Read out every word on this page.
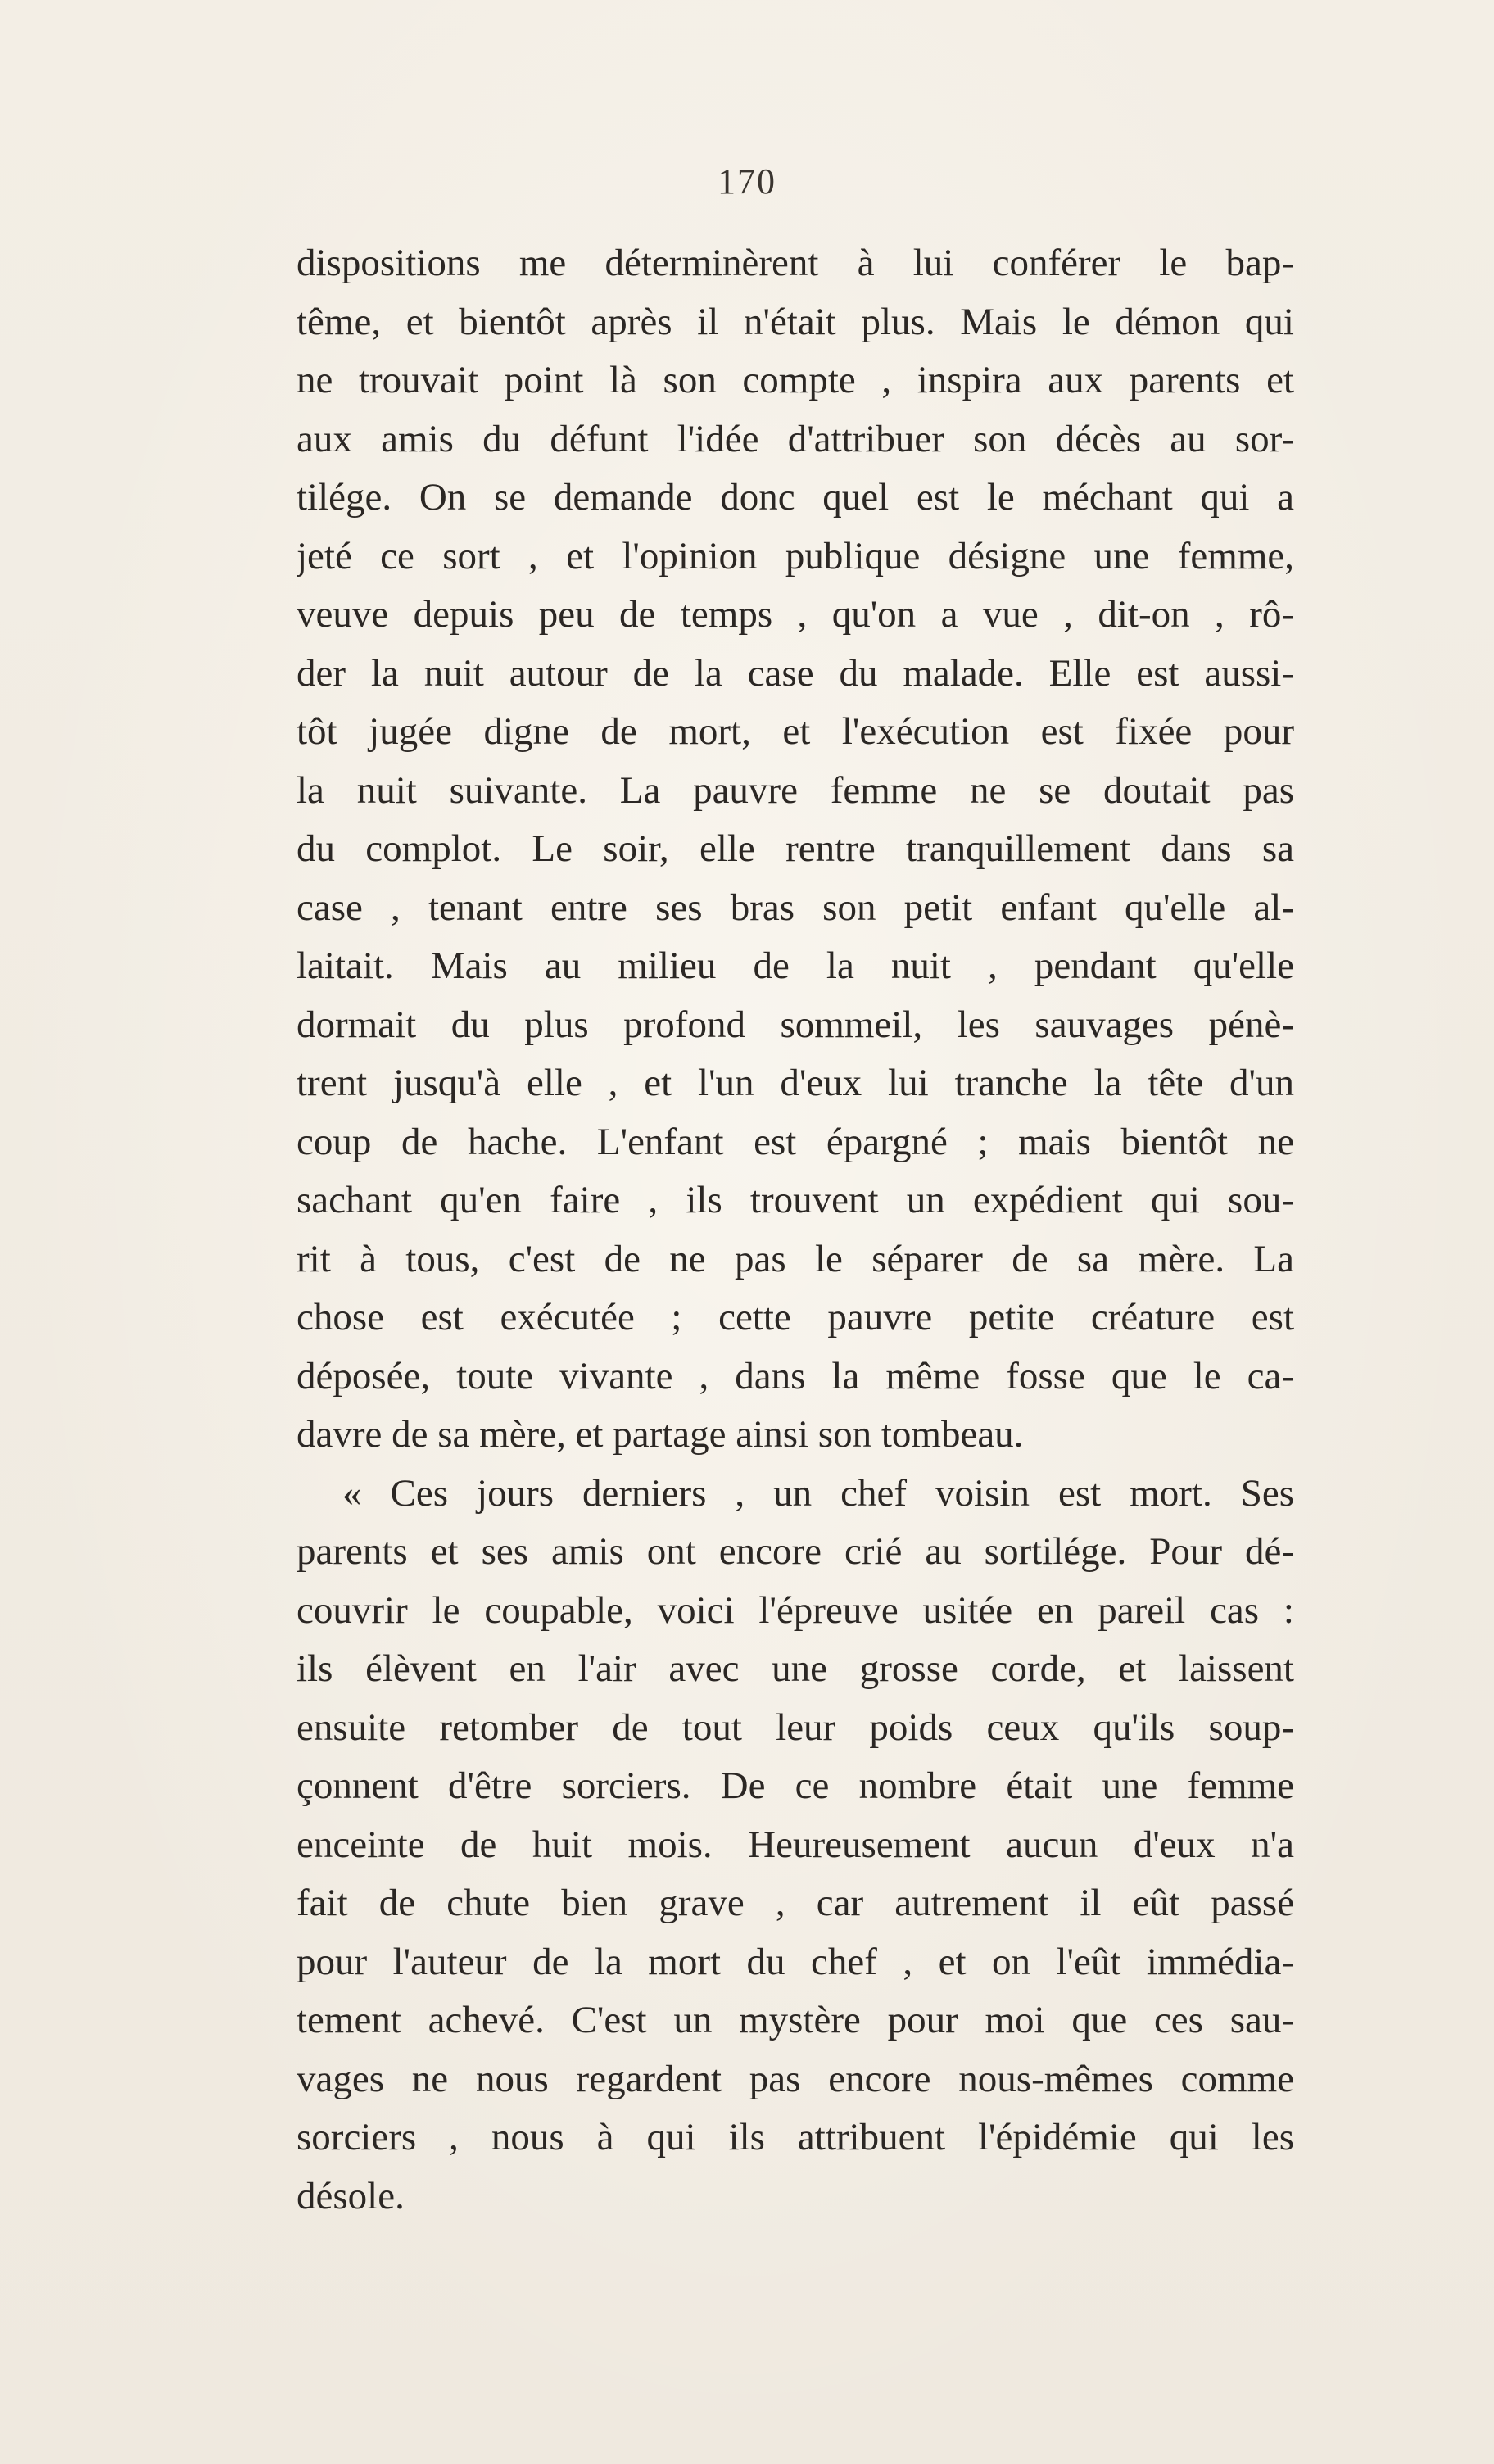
170
dispositions me déterminèrent à lui conférer le bap-
tême, et bientôt après il n'était plus. Mais le démon qui
ne trouvait point là son compte , inspira aux parents et
aux amis du défunt l'idée d'attribuer son décès au sor-
tilége. On se demande donc quel est le méchant qui a
jeté ce sort , et l'opinion publique désigne une femme,
veuve depuis peu de temps , qu'on a vue , dit-on , rô-
der la nuit autour de la case du malade. Elle est aussi-
tôt jugée digne de mort, et l'exécution est fixée pour
la nuit suivante. La pauvre femme ne se doutait pas
du complot. Le soir, elle rentre tranquillement dans sa
case , tenant entre ses bras son petit enfant qu'elle al-
laitait. Mais au milieu de la nuit , pendant qu'elle
dormait du plus profond sommeil, les sauvages pénè-
trent jusqu'à elle , et l'un d'eux lui tranche la tête d'un
coup de hache. L'enfant est épargné ; mais bientôt ne
sachant qu'en faire , ils trouvent un expédient qui sou-
rit à tous, c'est de ne pas le séparer de sa mère. La
chose est exécutée ; cette pauvre petite créature est
déposée, toute vivante , dans la même fosse que le ca-
davre de sa mère, et partage ainsi son tombeau.
« Ces jours derniers , un chef voisin est mort. Ses
parents et ses amis ont encore crié au sortilége. Pour dé-
couvrir le coupable, voici l'épreuve usitée en pareil cas :
ils élèvent en l'air avec une grosse corde, et laissent
ensuite retomber de tout leur poids ceux qu'ils soup-
çonnent d'être sorciers. De ce nombre était une femme
enceinte de huit mois. Heureusement aucun d'eux n'a
fait de chute bien grave , car autrement il eût passé
pour l'auteur de la mort du chef , et on l'eût immédia-
tement achevé. C'est un mystère pour moi que ces sau-
vages ne nous regardent pas encore nous-mêmes comme
sorciers , nous à qui ils attribuent l'épidémie qui les
désole.
